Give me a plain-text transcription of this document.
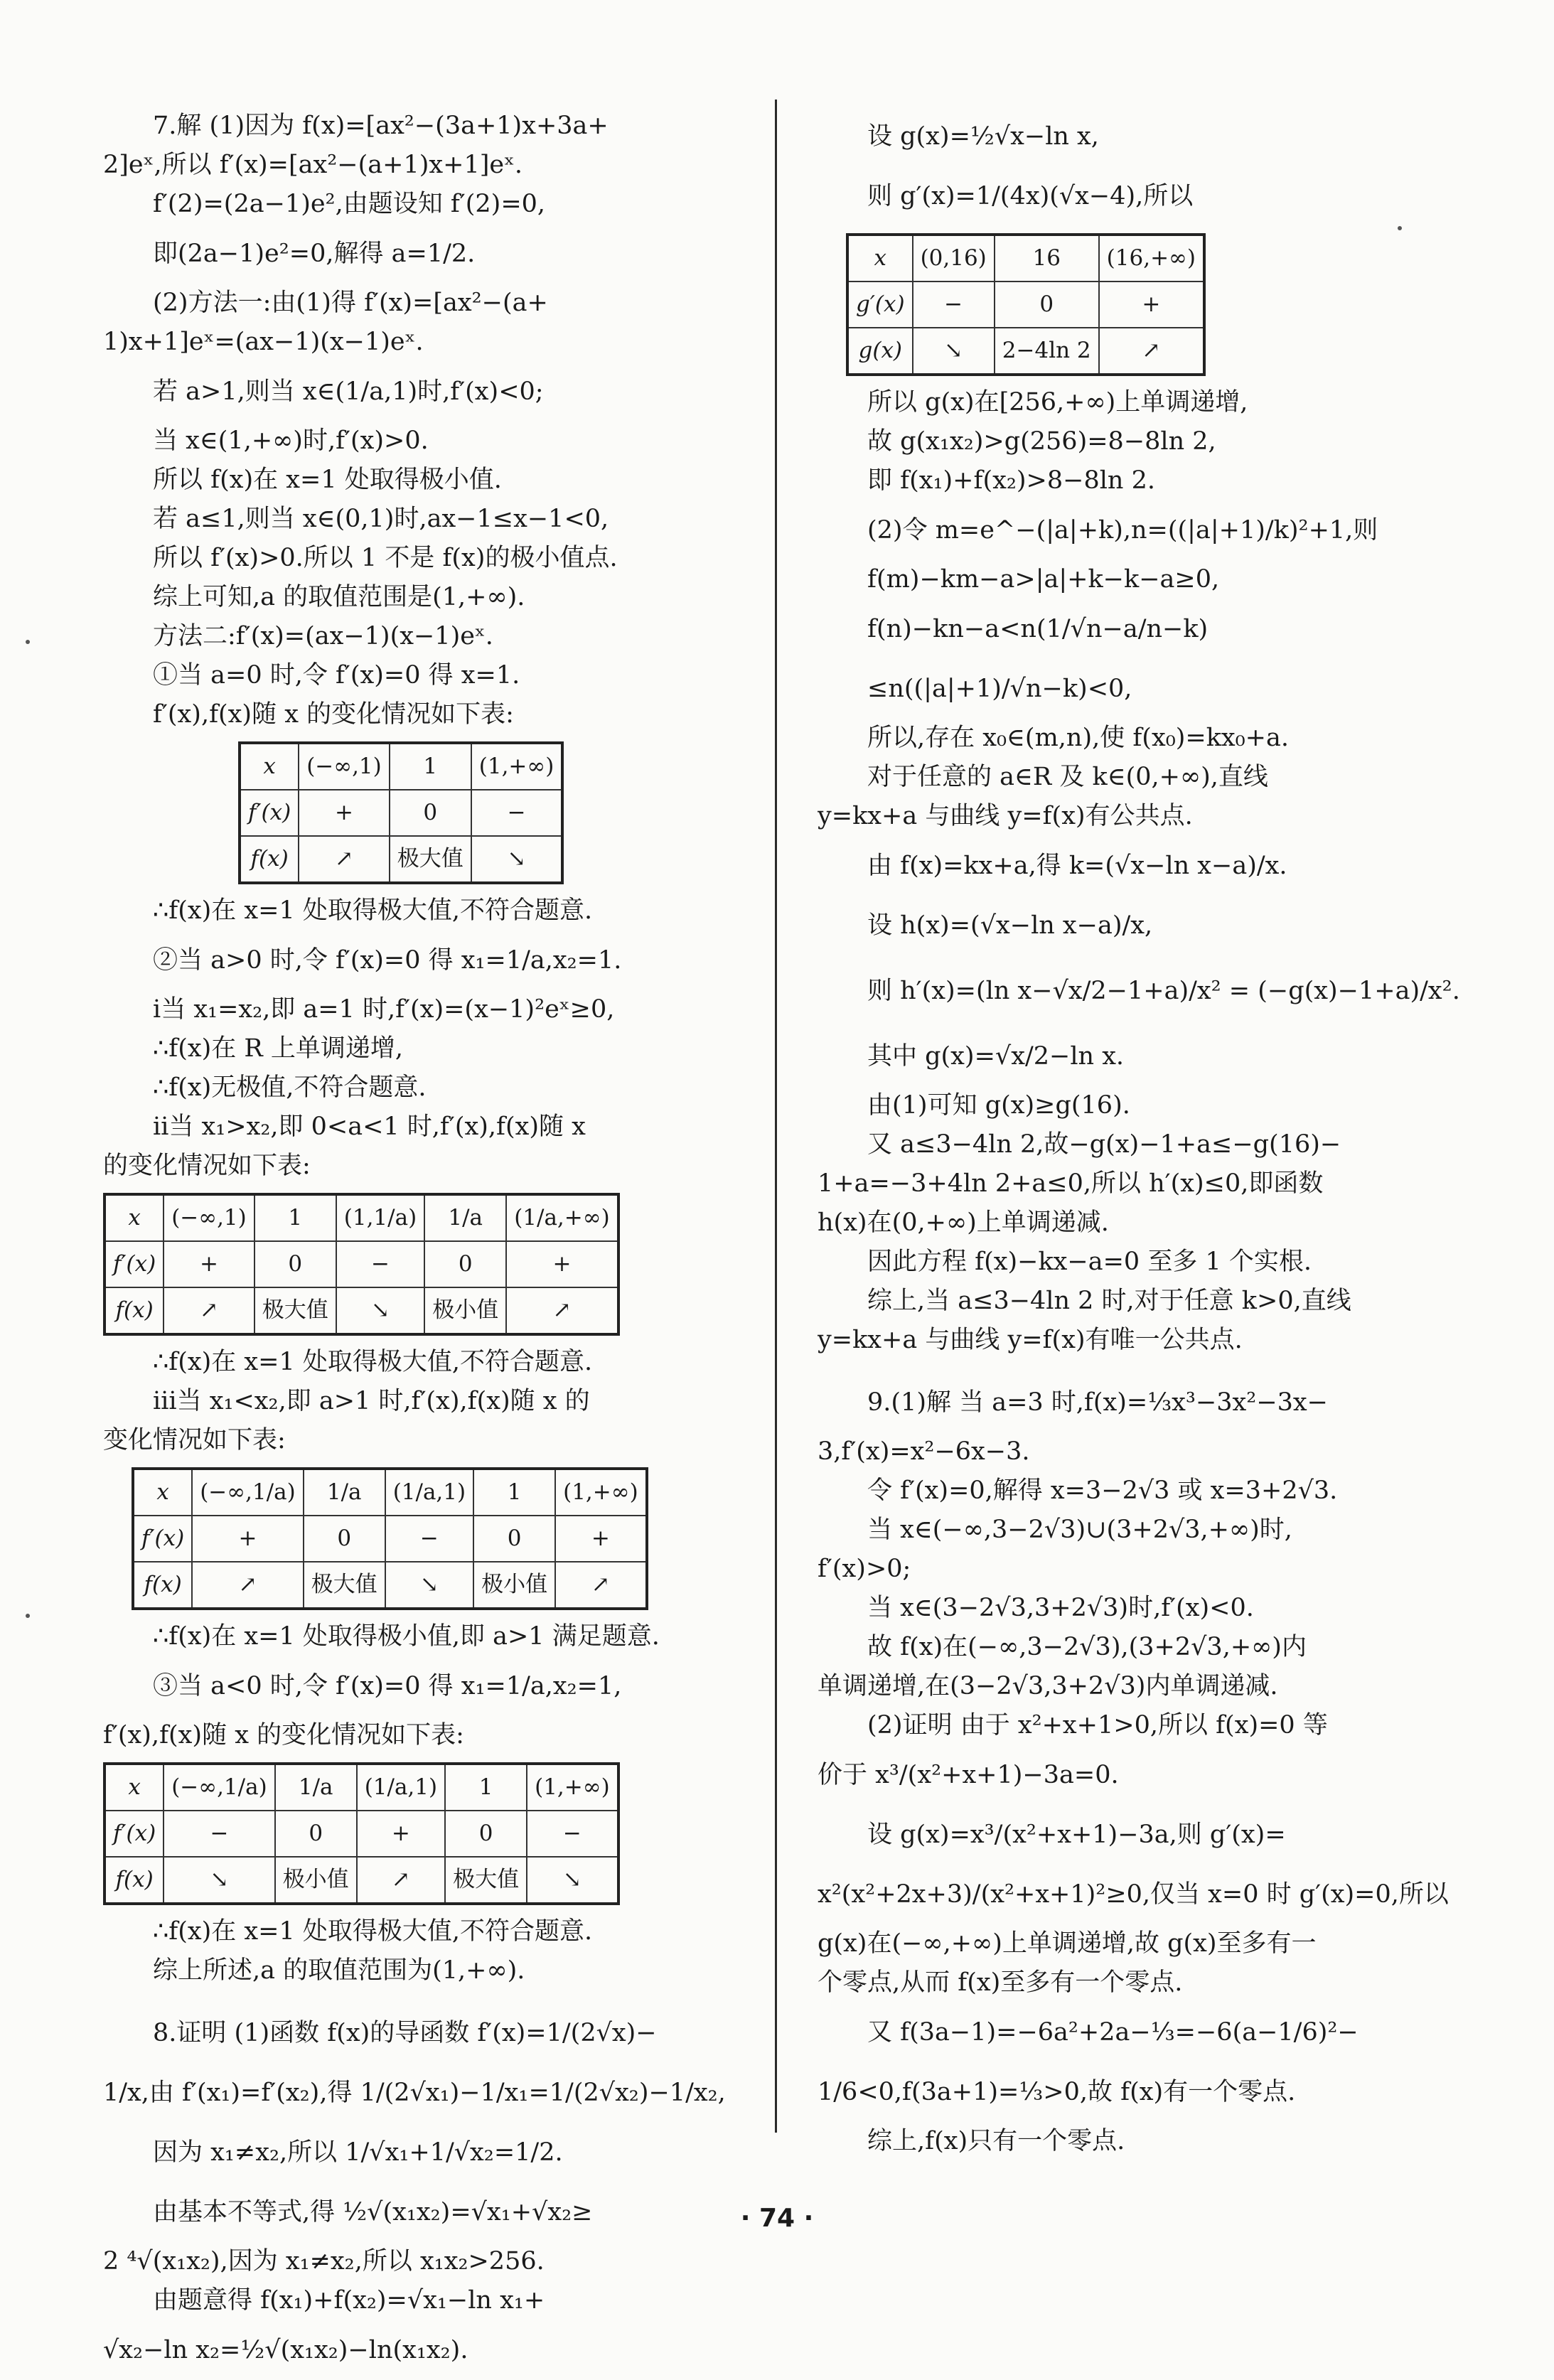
7.解 (1)因为 f(x)=[ax²−(3a+1)x+3a+

2]eˣ,所以 f′(x)=[ax²−(a+1)x+1]eˣ.

f′(2)=(2a−1)e²,由题设知 f′(2)=0,

即(2a−1)e²=0,解得 a=1/2.

(2)方法一:由(1)得 f′(x)=[ax²−(a+

1)x+1]eˣ=(ax−1)(x−1)eˣ.

若 a>1,则当 x∈(1/a,1)时,f′(x)<0;

当 x∈(1,+∞)时,f′(x)>0.

所以 f(x)在 x=1 处取得极小值.

若 a≤1,则当 x∈(0,1)时,ax−1≤x−1<0,

所以 f′(x)>0.所以 1 不是 f(x)的极小值点.

综上可知,a 的取值范围是(1,+∞).

方法二:f′(x)=(ax−1)(x−1)eˣ.

①当 a=0 时,令 f′(x)=0 得 x=1.

f′(x),f(x)随 x 的变化情况如下表:

x	(−∞,1)	1	(1,+∞)
f′(x)	+	0	−
f(x)	↗	极大值	↘

∴f(x)在 x=1 处取得极大值,不符合题意.

②当 a>0 时,令 f′(x)=0 得 x₁=1/a,x₂=1.

ⅰ当 x₁=x₂,即 a=1 时,f′(x)=(x−1)²eˣ≥0,

∴f(x)在 R 上单调递增,

∴f(x)无极值,不符合题意.

ⅱ当 x₁>x₂,即 0<a<1 时,f′(x),f(x)随 x

的变化情况如下表:

x	(−∞,1)	1	(1,1/a)	1/a	(1/a,+∞)
f′(x)	+	0	−	0	+
f(x)	↗	极大值	↘	极小值	↗

∴f(x)在 x=1 处取得极大值,不符合题意.

ⅲ当 x₁<x₂,即 a>1 时,f′(x),f(x)随 x 的

变化情况如下表:

x	(−∞,1/a)	1/a	(1/a,1)	1	(1,+∞)
f′(x)	+	0	−	0	+
f(x)	↗	极大值	↘	极小值	↗

∴f(x)在 x=1 处取得极小值,即 a>1 满足题意.

③当 a<0 时,令 f′(x)=0 得 x₁=1/a,x₂=1,

f′(x),f(x)随 x 的变化情况如下表:

x	(−∞,1/a)	1/a	(1/a,1)	1	(1,+∞)
f′(x)	−	0	+	0	−
f(x)	↘	极小值	↗	极大值	↘

∴f(x)在 x=1 处取得极大值,不符合题意.

综上所述,a 的取值范围为(1,+∞).

8.证明 (1)函数 f(x)的导函数 f′(x)=1/(2√x)−

1/x,由 f′(x₁)=f′(x₂),得 1/(2√x₁)−1/x₁=1/(2√x₂)−1/x₂,

因为 x₁≠x₂,所以 1/√x₁+1/√x₂=1/2.

由基本不等式,得 ½√(x₁x₂)=√x₁+√x₂≥

2 ⁴√(x₁x₂),因为 x₁≠x₂,所以 x₁x₂>256.

由题意得 f(x₁)+f(x₂)=√x₁−ln x₁+

√x₂−ln x₂=½√(x₁x₂)−ln(x₁x₂).

设 g(x)=½√x−ln x,

则 g′(x)=1/(4x)(√x−4),所以

x	(0,16)	16	(16,+∞)
g′(x)	−	0	+
g(x)	↘	2−4ln 2	↗

所以 g(x)在[256,+∞)上单调递增,

故 g(x₁x₂)>g(256)=8−8ln 2,

即 f(x₁)+f(x₂)>8−8ln 2.

(2)令 m=e^−(|a|+k),n=((|a|+1)/k)²+1,则

f(m)−km−a>|a|+k−k−a≥0,

f(n)−kn−a<n(1/√n−a/n−k)

≤n((|a|+1)/√n−k)<0,

所以,存在 x₀∈(m,n),使 f(x₀)=kx₀+a.

对于任意的 a∈R 及 k∈(0,+∞),直线

y=kx+a 与曲线 y=f(x)有公共点.

由 f(x)=kx+a,得 k=(√x−ln x−a)/x.

设 h(x)=(√x−ln x−a)/x,

则 h′(x)=(ln x−√x/2−1+a)/x² = (−g(x)−1+a)/x².

其中 g(x)=√x/2−ln x.

由(1)可知 g(x)≥g(16).

又 a≤3−4ln 2,故−g(x)−1+a≤−g(16)−

1+a=−3+4ln 2+a≤0,所以 h′(x)≤0,即函数

h(x)在(0,+∞)上单调递减.

因此方程 f(x)−kx−a=0 至多 1 个实根.

综上,当 a≤3−4ln 2 时,对于任意 k>0,直线

y=kx+a 与曲线 y=f(x)有唯一公共点.

9.(1)解 当 a=3 时,f(x)=⅓x³−3x²−3x−

3,f′(x)=x²−6x−3.

令 f′(x)=0,解得 x=3−2√3 或 x=3+2√3.

当 x∈(−∞,3−2√3)∪(3+2√3,+∞)时,

f′(x)>0;

当 x∈(3−2√3,3+2√3)时,f′(x)<0.

故 f(x)在(−∞,3−2√3),(3+2√3,+∞)内

单调递增,在(3−2√3,3+2√3)内单调递减.

(2)证明 由于 x²+x+1>0,所以 f(x)=0 等

价于 x³/(x²+x+1)−3a=0.

设 g(x)=x³/(x²+x+1)−3a,则 g′(x)=

x²(x²+2x+3)/(x²+x+1)²≥0,仅当 x=0 时 g′(x)=0,所以

g(x)在(−∞,+∞)上单调递增,故 g(x)至多有一

个零点,从而 f(x)至多有一个零点.

又 f(3a−1)=−6a²+2a−⅓=−6(a−1/6)²−

1/6<0,f(3a+1)=⅓>0,故 f(x)有一个零点.

综上,f(x)只有一个零点.

· 74 ·
